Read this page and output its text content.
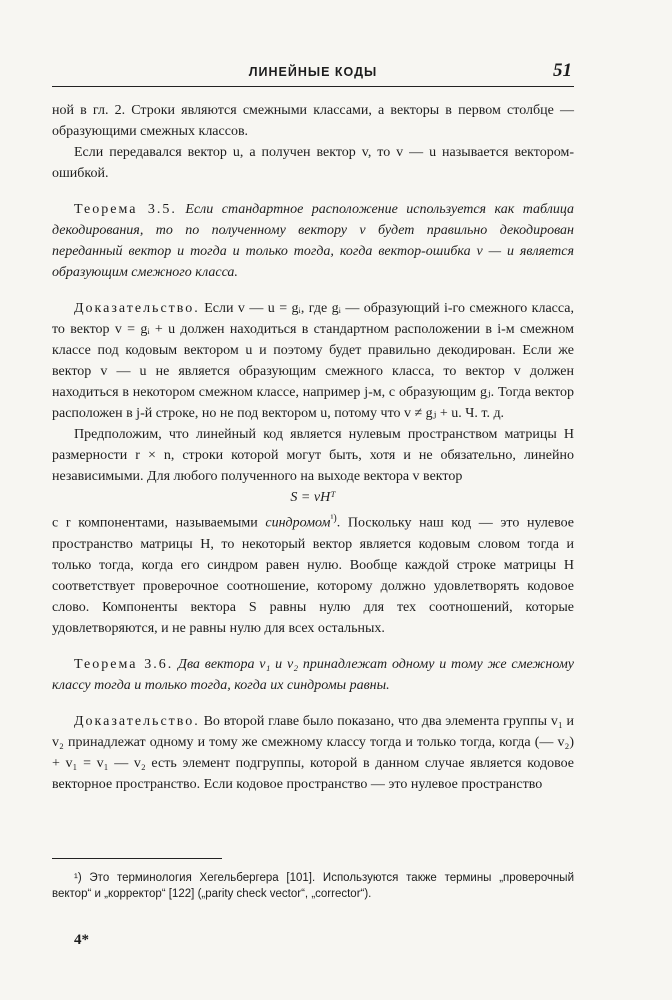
ЛИНЕЙНЫЕ КОДЫ	51

ной в гл. 2. Строки являются смежными классами, а векторы в первом столбце — образующими смежных классов.

Если передавался вектор u, а получен вектор v, то v — u называется вектором-ошибкой.

Теорема 3.5. Если стандартное расположение используется как таблица декодирования, то по полученному вектору v будет правильно декодирован переданный вектор u тогда и только тогда, когда вектор-ошибка v — u является образующим смежного класса.

Доказательство. Если v — u = gᵢ, где gᵢ — образующий i-го смежного класса, то вектор v = gᵢ + u должен находиться в стандартном расположении в i-м смежном классе под кодовым вектором u и поэтому будет правильно декодирован. Если же вектор v — u не является образующим смежного класса, то вектор v должен находиться в некотором смежном классе, например j-м, с образующим gⱼ. Тогда вектор расположен в j-й строке, но не под вектором u, потому что v ≠ gⱼ + u. Ч. т. д.

Предположим, что линейный код является нулевым пространством матрицы H размерности r × n, строки которой могут быть, хотя и не обязательно, линейно независимыми. Для любого полученного на выходе вектора v вектор

S = vHᵀ

с r компонентами, называемыми синдромом$^{^1)}$. Поскольку наш код — это нулевое пространство матрицы H, то некоторый вектор является кодовым словом тогда и только тогда, когда его синдром равен нулю. Вообще каждой строке матрицы H соответствует проверочное соотношение, которому должно удовлетворять кодовое слово. Компоненты вектора S равны нулю для тех соотношений, которые удовлетворяются, и не равны нулю для всех остальных.

Теорема 3.6. Два вектора v₁ и v₂ принадлежат одному и тому же смежному классу тогда и только тогда, когда их синдромы равны.

Доказательство. Во второй главе было показано, что два элемента группы v₁ и v₂ принадлежат одному и тому же смежному классу тогда и только тогда, когда (— v₂) + v₁ = v₁ — v₂ есть элемент подгруппы, которой в данном случае является кодовое векторное пространство. Если кодовое пространство — это нулевое пространство

¹) Это терминология Хегельбергера [101]. Используются также термины „проверочный вектор“ и „корректор“ [122] („parity check vector“, „corrector“).

4*
